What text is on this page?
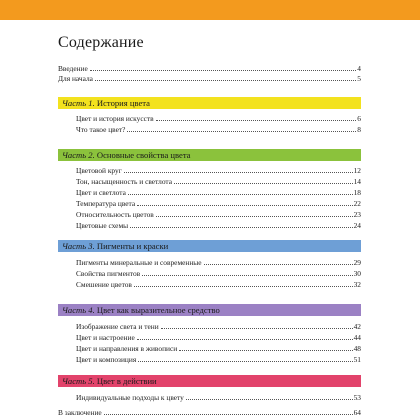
Содержание
Введение	4
Для начала	5
Часть 1. История цвета
Цвет и история искусств	6
Что такое цвет?	8
Часть 2. Основные свойства цвета
Цветовой круг	12
Тон, насыщенность и светлота	14
Цвет и светлота	18
Температура цвета	22
Относительность цветов	23
Цветовые схемы	24
Часть 3. Пигменты и краски
Пигменты минеральные и современные	29
Свойства пигментов	30
Смешение цветов	32
Часть 4. Цвет как выразительное средство
Изображение света и тени	42
Цвет и настроение	44
Цвет и направления в живописи	48
Цвет и композиция	51
Часть 5. Цвет в действии
Индивидуальные подходы к цвету	53
В заключение	64
